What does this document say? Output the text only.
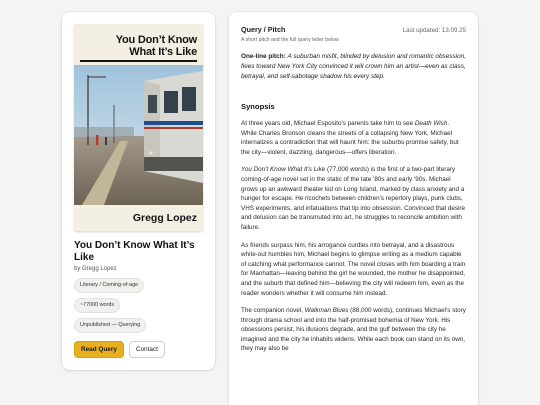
You Don’t Know
What It’s Like
Gregg Lopez
You Don’t Know What It’s Like
by Gregg Lopez
Literary / Coming-of-age
~77000 words
Unpublished — Querying
Read Query	Contact
Query / Pitch	Last updated: 13.09.25
A short pitch and the full query letter below

One-line pitch: A suburban misfit, blinded by delusion and romantic obsession, flees toward New York City convinced it will crown him an artist—even as class, betrayal, and self-sabotage shadow his every step.

Synopsis

At three years old, Michael Esposito’s parents take him to see Death Wish. While Charles Bronson cleans the streets of a collapsing New York, Michael internalizes a contradiction that will haunt him: the suburbs promise safety, but the city—violent, dazzling, dangerous—offers liberation.

You Don’t Know What It’s Like (77,000 words) is the first of a two-part literary coming-of-age novel set in the static of the late ’80s and early ’90s. Michael grows up an awkward theater kid on Long Island, marked by class anxiety and a hunger for escape. He ricochets between children’s repertory plays, punk clubs, VHS experiments, and infatuations that tip into obsession. Convinced that desire and delusion can be transmuted into art, he struggles to reconcile ambition with failure.

As friends surpass him, his arrogance curdles into betrayal, and a disastrous white-out humbles him, Michael begins to glimpse writing as a medium capable of catching what performance cannot. The novel closes with him boarding a train for Manhattan—leaving behind the girl he wounded, the mother he disappointed, and the suburb that defined him—believing the city will redeem him, even as the reader wonders whether it will consume him instead.

The companion novel, Walkman Blues (88,000 words), continues Michael’s story through drama school and into the half-promised bohemia of New York. His obsessions persist, his illusions degrade, and the gulf between the city he imagined and the city he inhabits widens. While each book can stand on its own, they may also be
